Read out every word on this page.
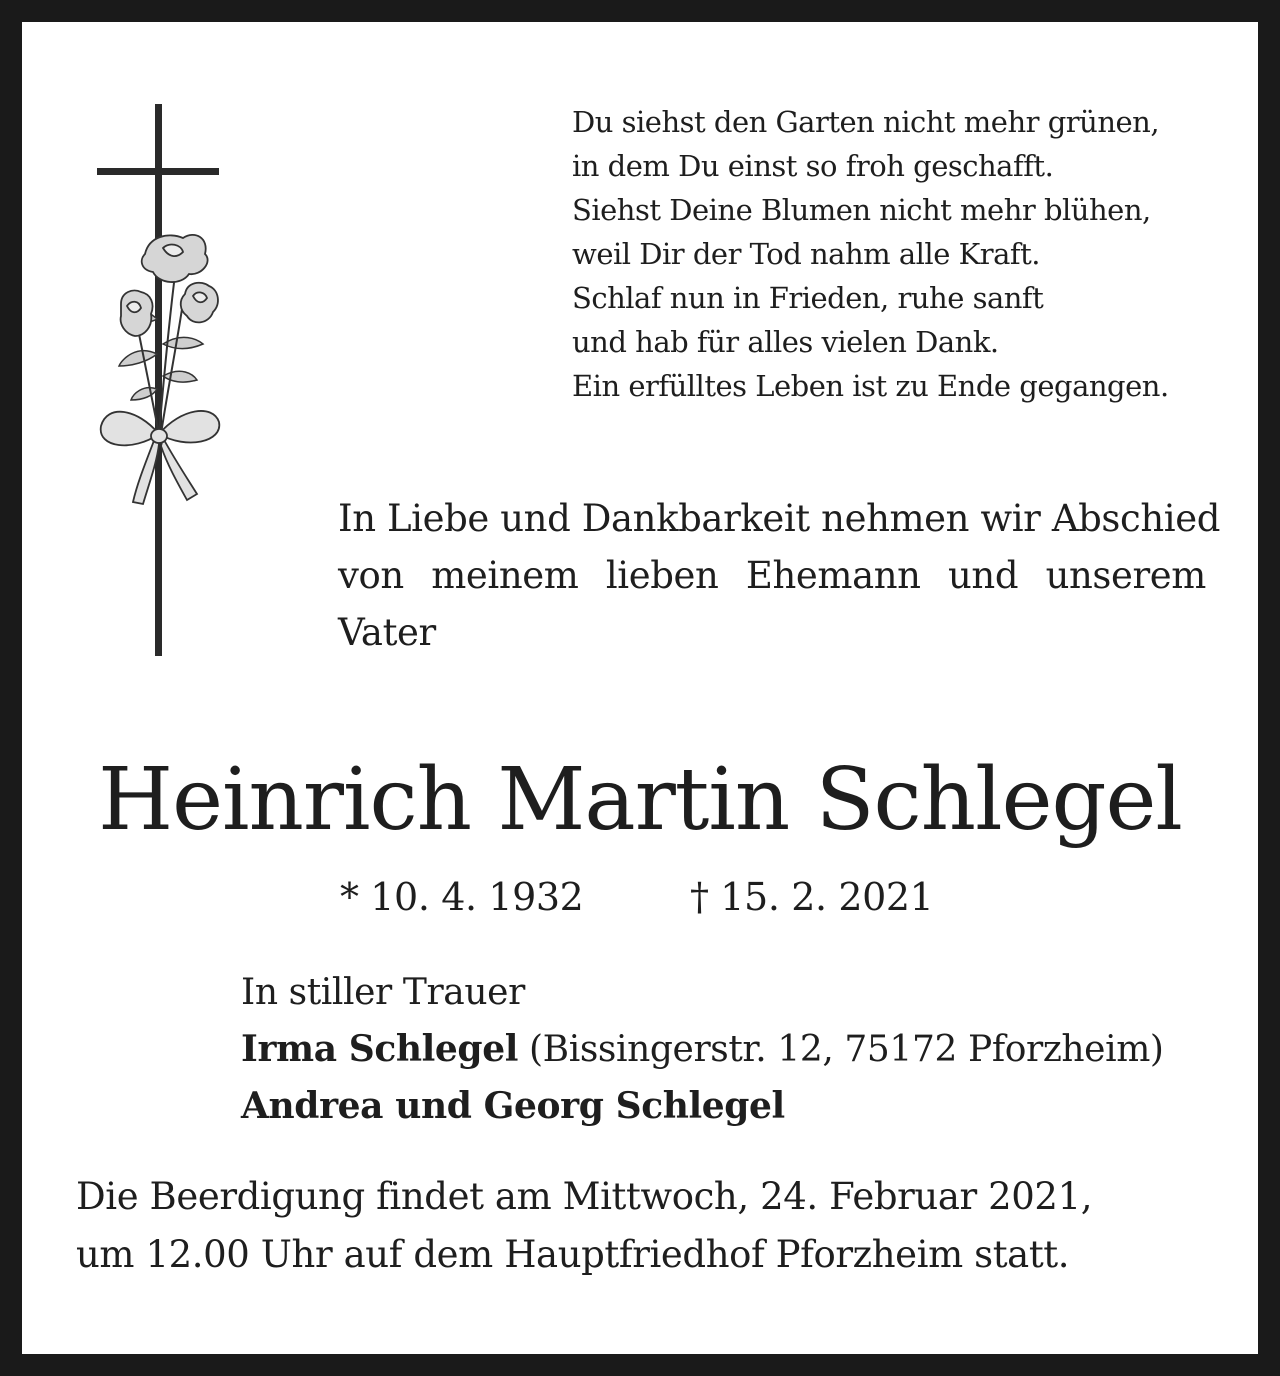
Du siehst den Garten nicht mehr grünen,
in dem Du einst so froh geschafft.
Siehst Deine Blumen nicht mehr blühen,
weil Dir der Tod nahm alle Kraft.
Schlaf nun in Frieden, ruhe sanft
und hab für alles vielen Dank.
Ein erfülltes Leben ist zu Ende gegangen.
In Liebe und Dankbarkeit nehmen wir Abschied
von meinem lieben Ehemann und unserem
Vater
Heinrich Martin Schlegel
* 10. 4. 1932	† 15. 2. 2021
In stiller Trauer
Irma Schlegel (Bissingerstr. 12, 75172 Pforzheim)
Andrea und Georg Schlegel
Die Beerdigung findet am Mittwoch, 24. Februar 2021,
um 12.00 Uhr auf dem Hauptfriedhof Pforzheim statt.
